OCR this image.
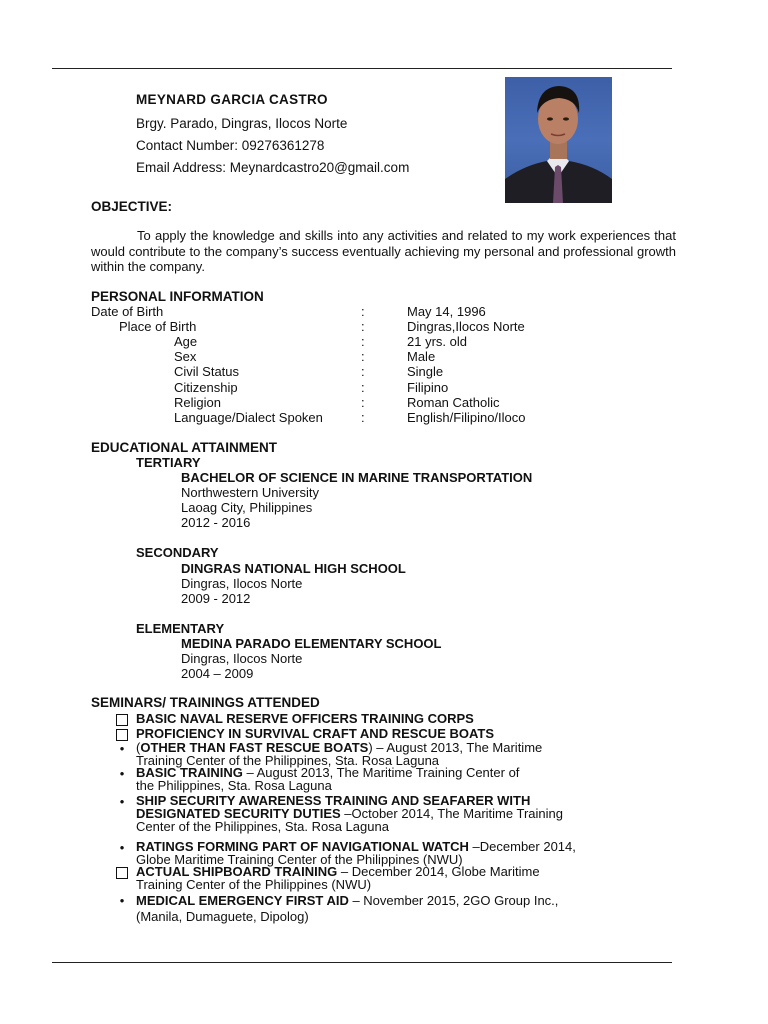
MEYNARD GARCIA CASTRO
Brgy. Parado, Dingras, Ilocos Norte
Contact Number: 09276361278
Email Address: Meynardcastro20@gmail.com
OBJECTIVE:
To apply the knowledge and skills into any activities and related to my work experiences that would contribute to the company’s success eventually achieving my personal and professional growth within the company.
PERSONAL INFORMATION
Date of Birth	:	May 14, 1996
Place of Birth	:	Dingras,Ilocos Norte
Age	:	21 yrs. old
Sex	:	Male
Civil Status	:	Single
Citizenship	:	Filipino
Religion	:	Roman Catholic
Language/Dialect Spoken	:	English/Filipino/Iloco
EDUCATIONAL ATTAINMENT
TERTIARY
BACHELOR OF SCIENCE IN MARINE TRANSPORTATION
Northwestern University
Laoag City, Philippines
2012 - 2016
SECONDARY
DINGRAS NATIONAL HIGH SCHOOL
Dingras, Ilocos Norte
2009 - 2012
ELEMENTARY
MEDINA PARADO ELEMENTARY SCHOOL
Dingras, Ilocos Norte
2004 – 2009
SEMINARS/ TRAININGS ATTENDED
BASIC NAVAL RESERVE OFFICERS TRAINING CORPS
PROFICIENCY IN SURVIVAL CRAFT AND RESCUE BOATS
• (OTHER THAN FAST RESCUE BOATS) – August 2013, The Maritime
Training Center of the Philippines, Sta. Rosa Laguna
• BASIC TRAINING – August 2013, The Maritime Training Center of
the Philippines, Sta. Rosa Laguna
• SHIP SECURITY AWARENESS TRAINING AND SEAFARER WITH
DESIGNATED SECURITY DUTIES –October 2014, The Maritime Training
Center of the Philippines, Sta. Rosa Laguna
• RATINGS FORMING PART OF NAVIGATIONAL WATCH –December 2014,
Globe Maritime Training Center of the Philippines (NWU)
ACTUAL SHIPBOARD TRAINING – December 2014, Globe Maritime
Training Center of the Philippines (NWU)
• MEDICAL EMERGENCY FIRST AID – November 2015, 2GO Group Inc.,
(Manila, Dumaguete, Dipolog)
